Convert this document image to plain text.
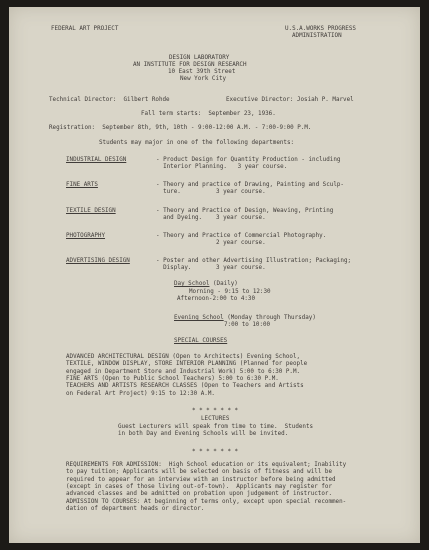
FEDERAL ART PROJECT	U.S.A.WORKS PROGRESS
ADMINISTRATION
DESIGN LABORATORY
AN INSTITUTE FOR DESIGN RESEARCH
10 East 39th Street
New York City
Technical Director:  Gilbert Rohde	Executive Director: Josiah P. Marvel
Fall term starts:  September 23, 1936.
Registration:  September 8th, 9th, 10th - 9:00-12:00 A.M. - 7:00-9:00 P.M.
Students may major in one of the following departments:
INDUSTRIAL DESIGN	- Product Design for Quantity Production - including
Interior Planning.   3 year course.
FINE ARTS	- Theory and practice of Drawing, Painting and Sculp-
ture.	3 year course.
TEXTILE DESIGN	- Theory and Practice of Design, Weaving, Printing
and Dyeing. 3 year course.
PHOTOGRAPHY	- Theory and Practice of Commercial Photography.
2 year course.
ADVERTISING DESIGN	- Poster and other Advertising Illustration; Packaging;
Display.	3 year course.
Day School (Daily)
Morning - 9:15 to 12:30
Afternoon-2:00 to 4:30
Evening School (Monday through Thursday)
7:00 to 10:00
SPECIAL COURSES
ADVANCED ARCHITECTURAL DESIGN (Open to Architects) Evening School,
TEXTILE, WINDOW DISPLAY, STORE INTERIOR PLANNING (Planned for people
engaged in Department Store and Industrial Work) 5:00 to 6:30 P.M.
FINE ARTS (Open to Public School Teachers) 5:00 to 6:30 P.M.
TEACHERS AND ARTISTS RESEARCH CLASSES (Open to Teachers and Artists
on Federal Art Project) 9:15 to 12:30 A.M.
* * * * * * *
LECTURES
Guest Lecturers will speak from time to time.  Students
in both Day and Evening Schools will be invited.
* * * * * * *
REQUIREMENTS FOR ADMISSION:  High School education or its equivalent; Inability
to pay tuition; Applicants will be selected on basis of fitness and will be
required to appear for an interview with an instructor before being admitted
(except in cases of those living out-of-town).  Applicants may register for
advanced classes and be admitted on probation upon judgement of instructor.
ADMISSION TO COURSES: At beginning of terms only, except upon special recommen-
dation of department heads or director.
